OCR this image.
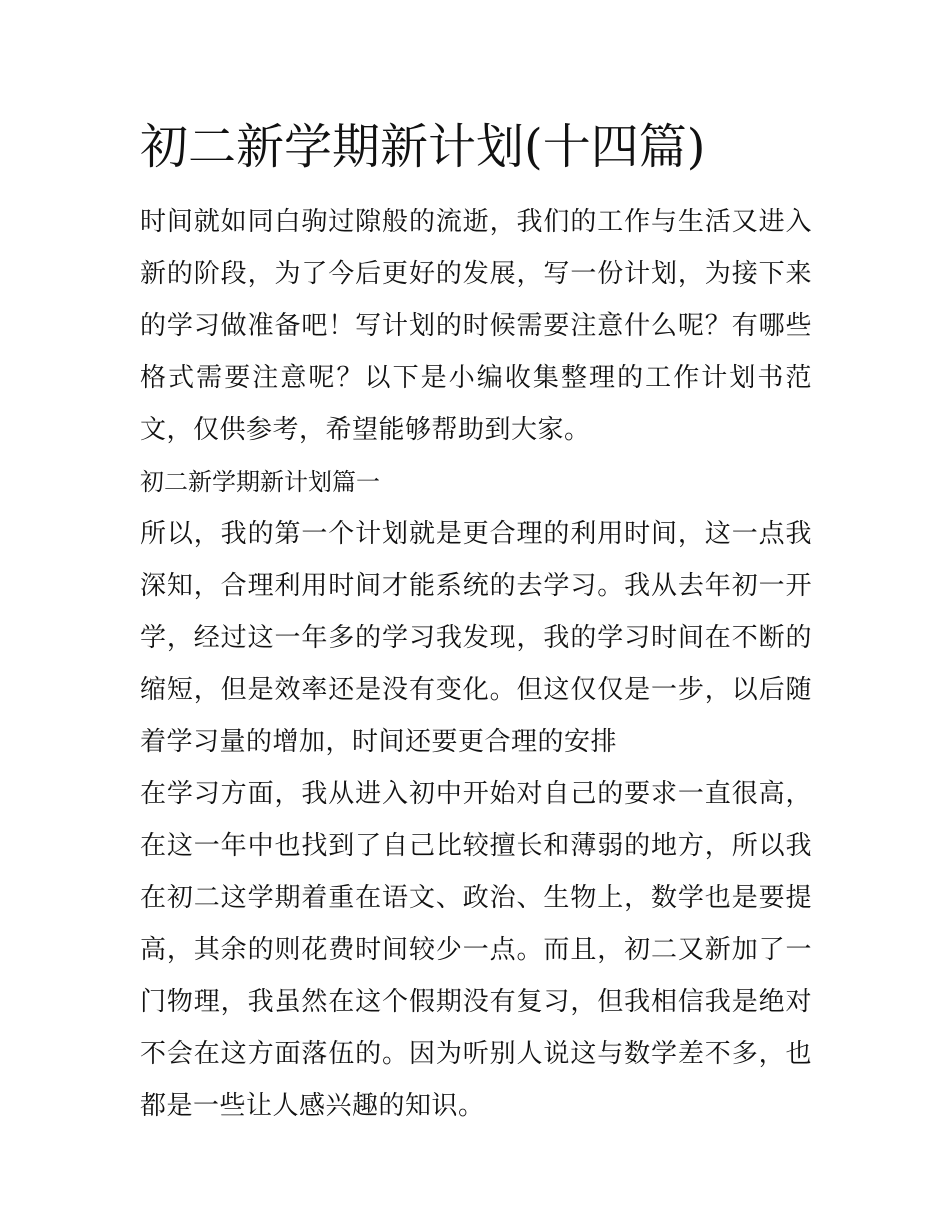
初二新学期新计划(十四篇)

时间就如同白驹过隙般的流逝，我们的工作与生活又进入新的阶段，为了今后更好的发展，写一份计划，为接下来的学习做准备吧！写计划的时候需要注意什么呢？有哪些格式需要注意呢？以下是小编收集整理的工作计划书范文，仅供参考，希望能够帮助到大家。

初二新学期新计划篇一

所以，我的第一个计划就是更合理的利用时间，这一点我深知，合理利用时间才能系统的去学习。我从去年初一开学，经过这一年多的学习我发现，我的学习时间在不断的缩短，但是效率还是没有变化。但这仅仅是一步，以后随着学习量的增加，时间还要更合理的安排

在学习方面，我从进入初中开始对自己的要求一直很高，在这一年中也找到了自己比较擅长和薄弱的地方，所以我在初二这学期着重在语文、政治、生物上，数学也是要提高，其余的则花费时间较少一点。而且，初二又新加了一门物理，我虽然在这个假期没有复习，但我相信我是绝对不会在这方面落伍的。因为听别人说这与数学差不多，也都是一些让人感兴趣的知识。
